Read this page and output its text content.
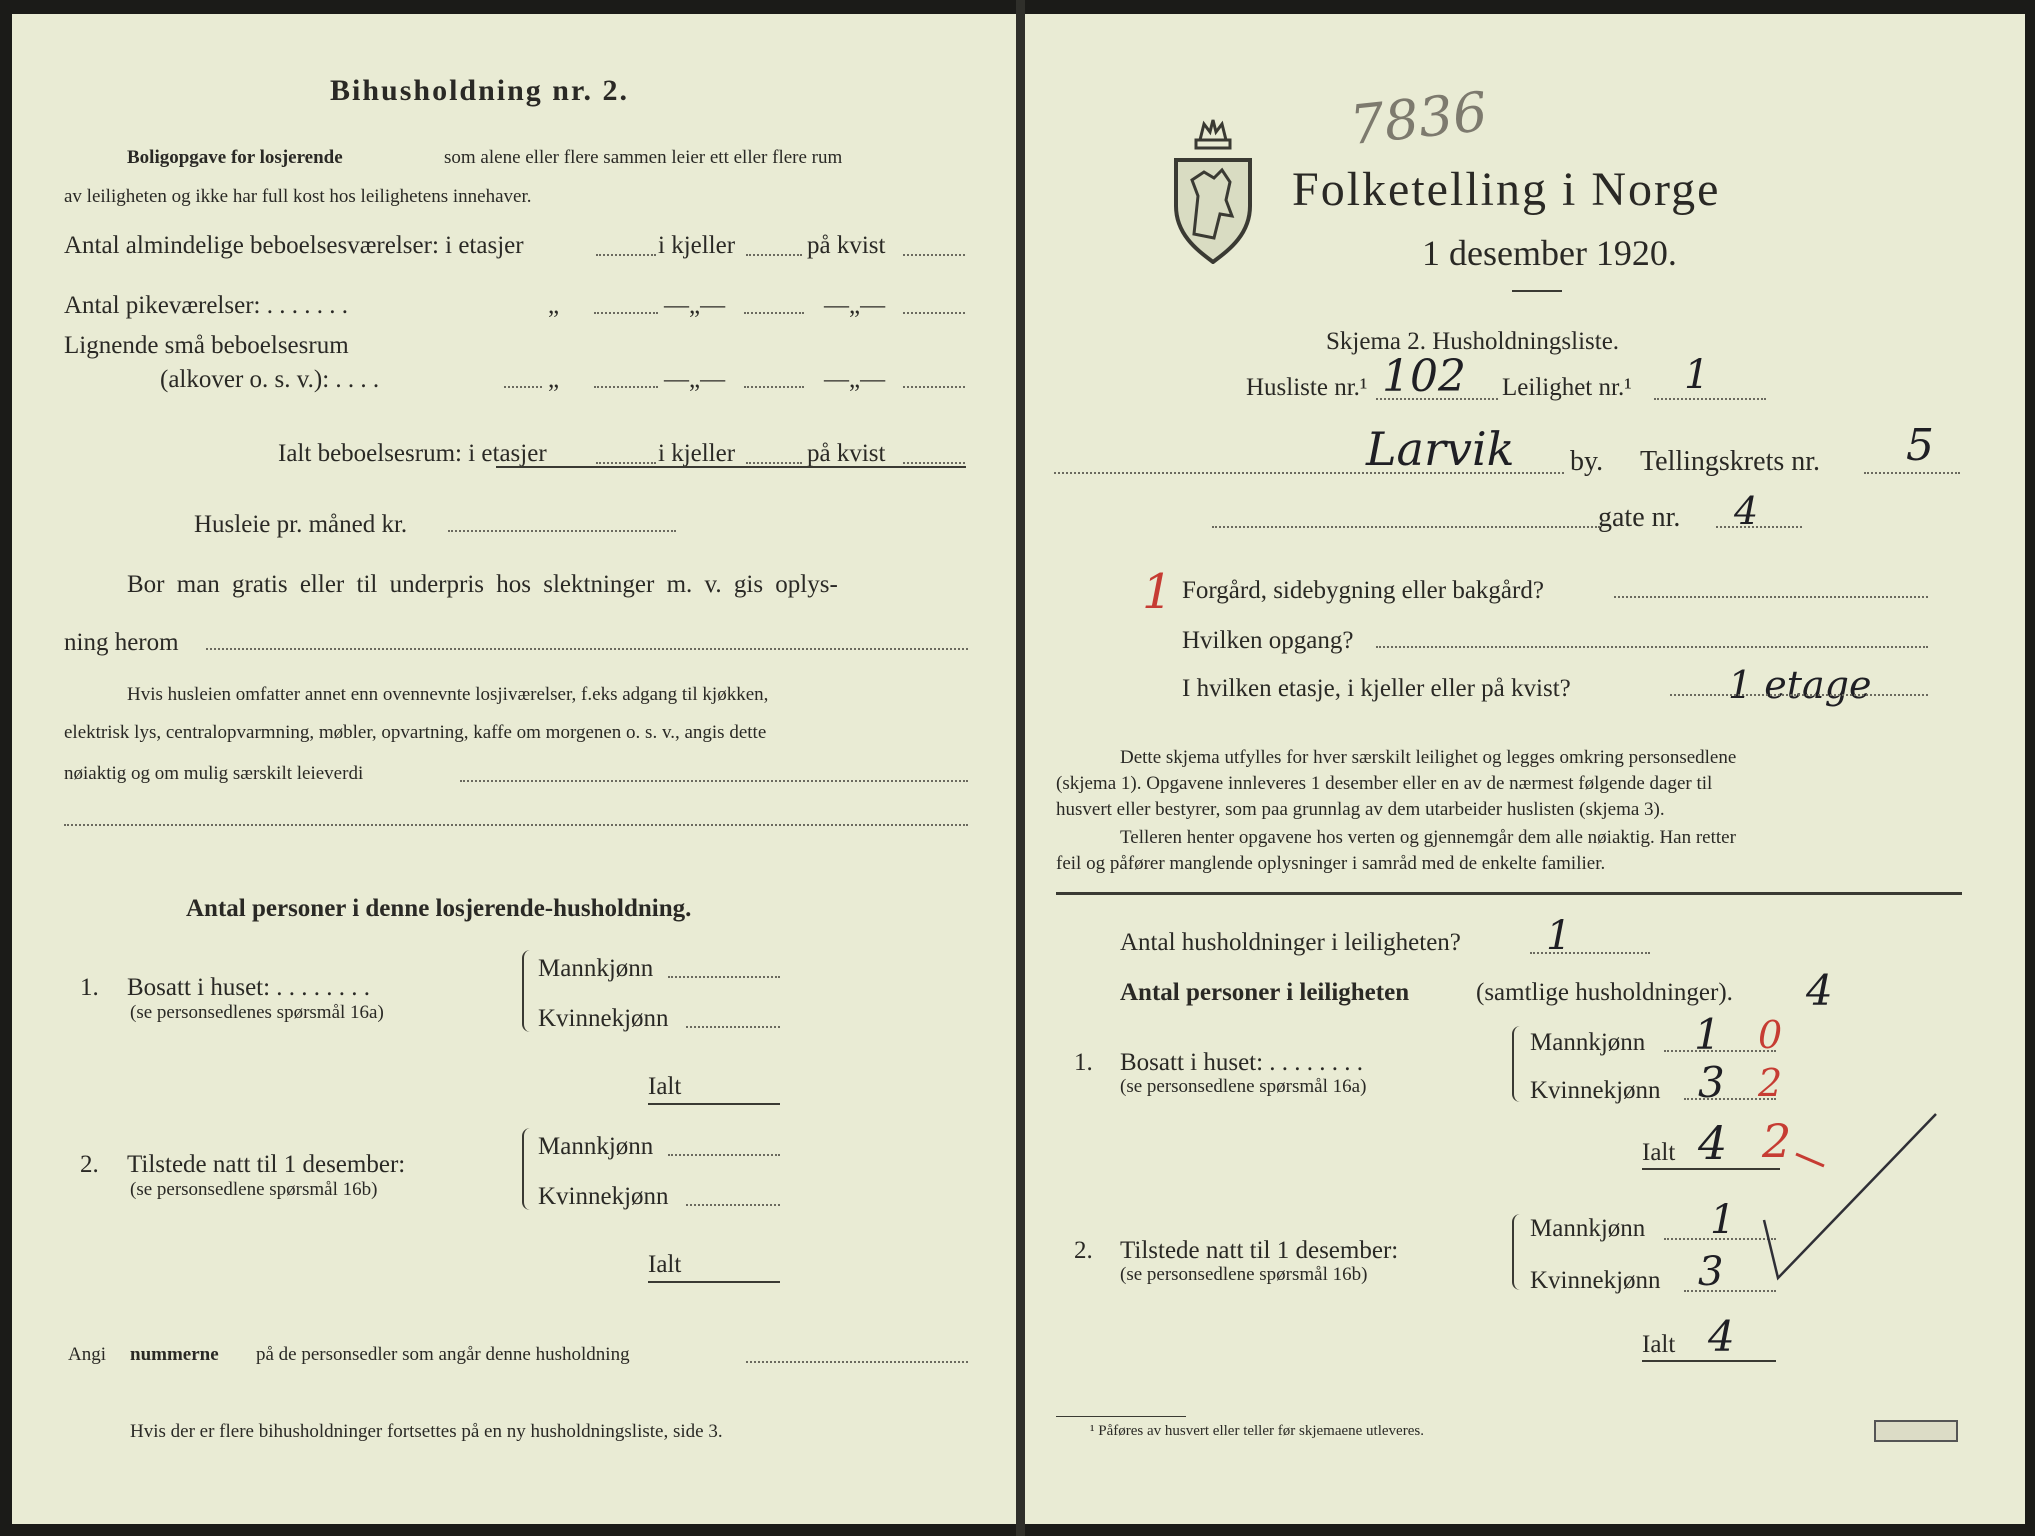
Bihusholdning nr. 2.
Boligopgave for losjerende	som alene eller flere sammen leier ett eller flere rum
av leiligheten og ikke har full kost hos leilighetens innehaver.
Antal almindelige beboelsesværelser: i etasjer	i kjeller	på kvist
Antal pikeværelser: . . . . . . .	„	—„—	—„—
Lignende små beboelsesrum
(alkover o. s. v.): . . . .	„	—„—	—„—
Ialt beboelsesrum: i etasjer	i kjeller	på kvist
Husleie pr. måned kr.
Bor man gratis eller til underpris hos slektninger m. v. gis oplys-
ning herom
Hvis husleien omfatter annet enn ovennevnte losjiværelser, f.eks adgang til kjøkken,
elektrisk lys, centralopvarmning, møbler, opvartning, kaffe om morgenen o. s. v., angis dette
nøiaktig og om mulig særskilt leieverdi
Antal personer i denne losjerende-husholdning.
1. Bosatt i huset: . . . . . . . .
(se personsedlenes spørsmål 16a)
Mannkjønn
Kvinnekjønn
Ialt
2. Tilstede natt til 1 desember:
(se personsedlene spørsmål 16b)
Mannkjønn
Kvinnekjønn
Ialt
Angi nummerne på de personsedler som angår denne husholdning
Hvis der er flere bihusholdninger fortsettes på en ny husholdningsliste, side 3.
7836
Folketelling i Norge
1 desember 1920.
Skjema 2. Husholdningsliste.
Husliste nr.¹ 102 Leilighet nr.¹ 1
Larvik by. Tellingskrets nr. 5
gate nr. 4
1 Forgård, sidebygning eller bakgård?
Hvilken opgang?
I hvilken etasje, i kjeller eller på kvist?	1 etage
Dette skjema utfylles for hver særskilt leilighet og legges omkring personsedlene
(skjema 1). Opgavene innleveres 1 desember eller en av de nærmest følgende dager til
husvert eller bestyrer, som paa grunnlag av dem utarbeider huslisten (skjema 3).
Telleren henter opgavene hos verten og gjennemgår dem alle nøiaktig. Han retter
feil og påfører manglende oplysninger i samråd med de enkelte familier.
Antal husholdninger i leiligheten? 1
Antal personer i leiligheten	(samtlige husholdninger). 4
1. Bosatt i huset: . . . . . . . .
(se personsedlene spørsmål 16a)
Mannkjønn 1 0
Kvinnekjønn 3 2
Ialt 4 2
2. Tilstede natt til 1 desember:
(se personsedlene spørsmål 16b)
Mannkjønn 1
Kvinnekjønn 3
Ialt 4
¹ Påføres av husvert eller teller før skjemaene utleveres.
